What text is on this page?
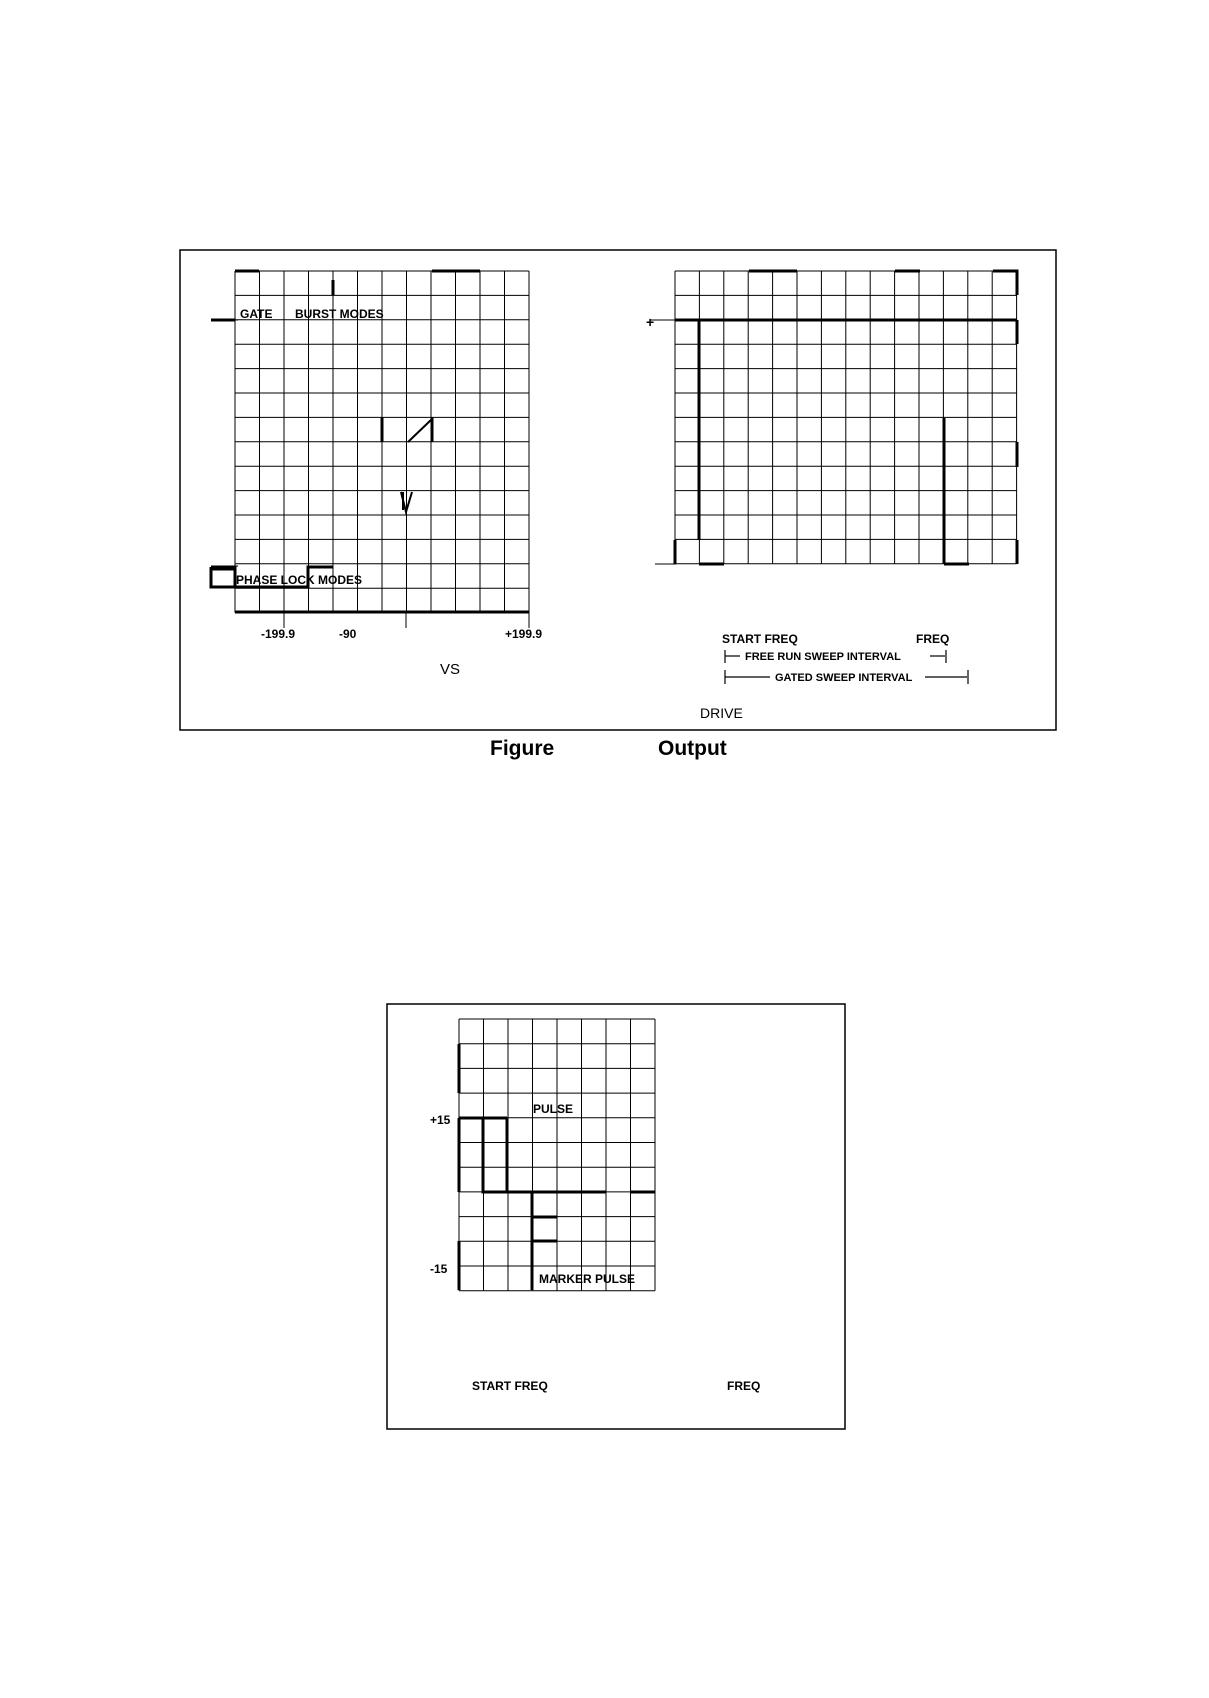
GATE BURST MODES
PHASE LOCK MODES
-199.9	-90	+199.9
VS
+
START FREQ	FREQ
FREE RUN SWEEP INTERVAL
GATED SWEEP INTERVAL
DRIVE
Figure	Output
PULSE
+15
-15
MARKER PULSE
START FREQ	FREQ
